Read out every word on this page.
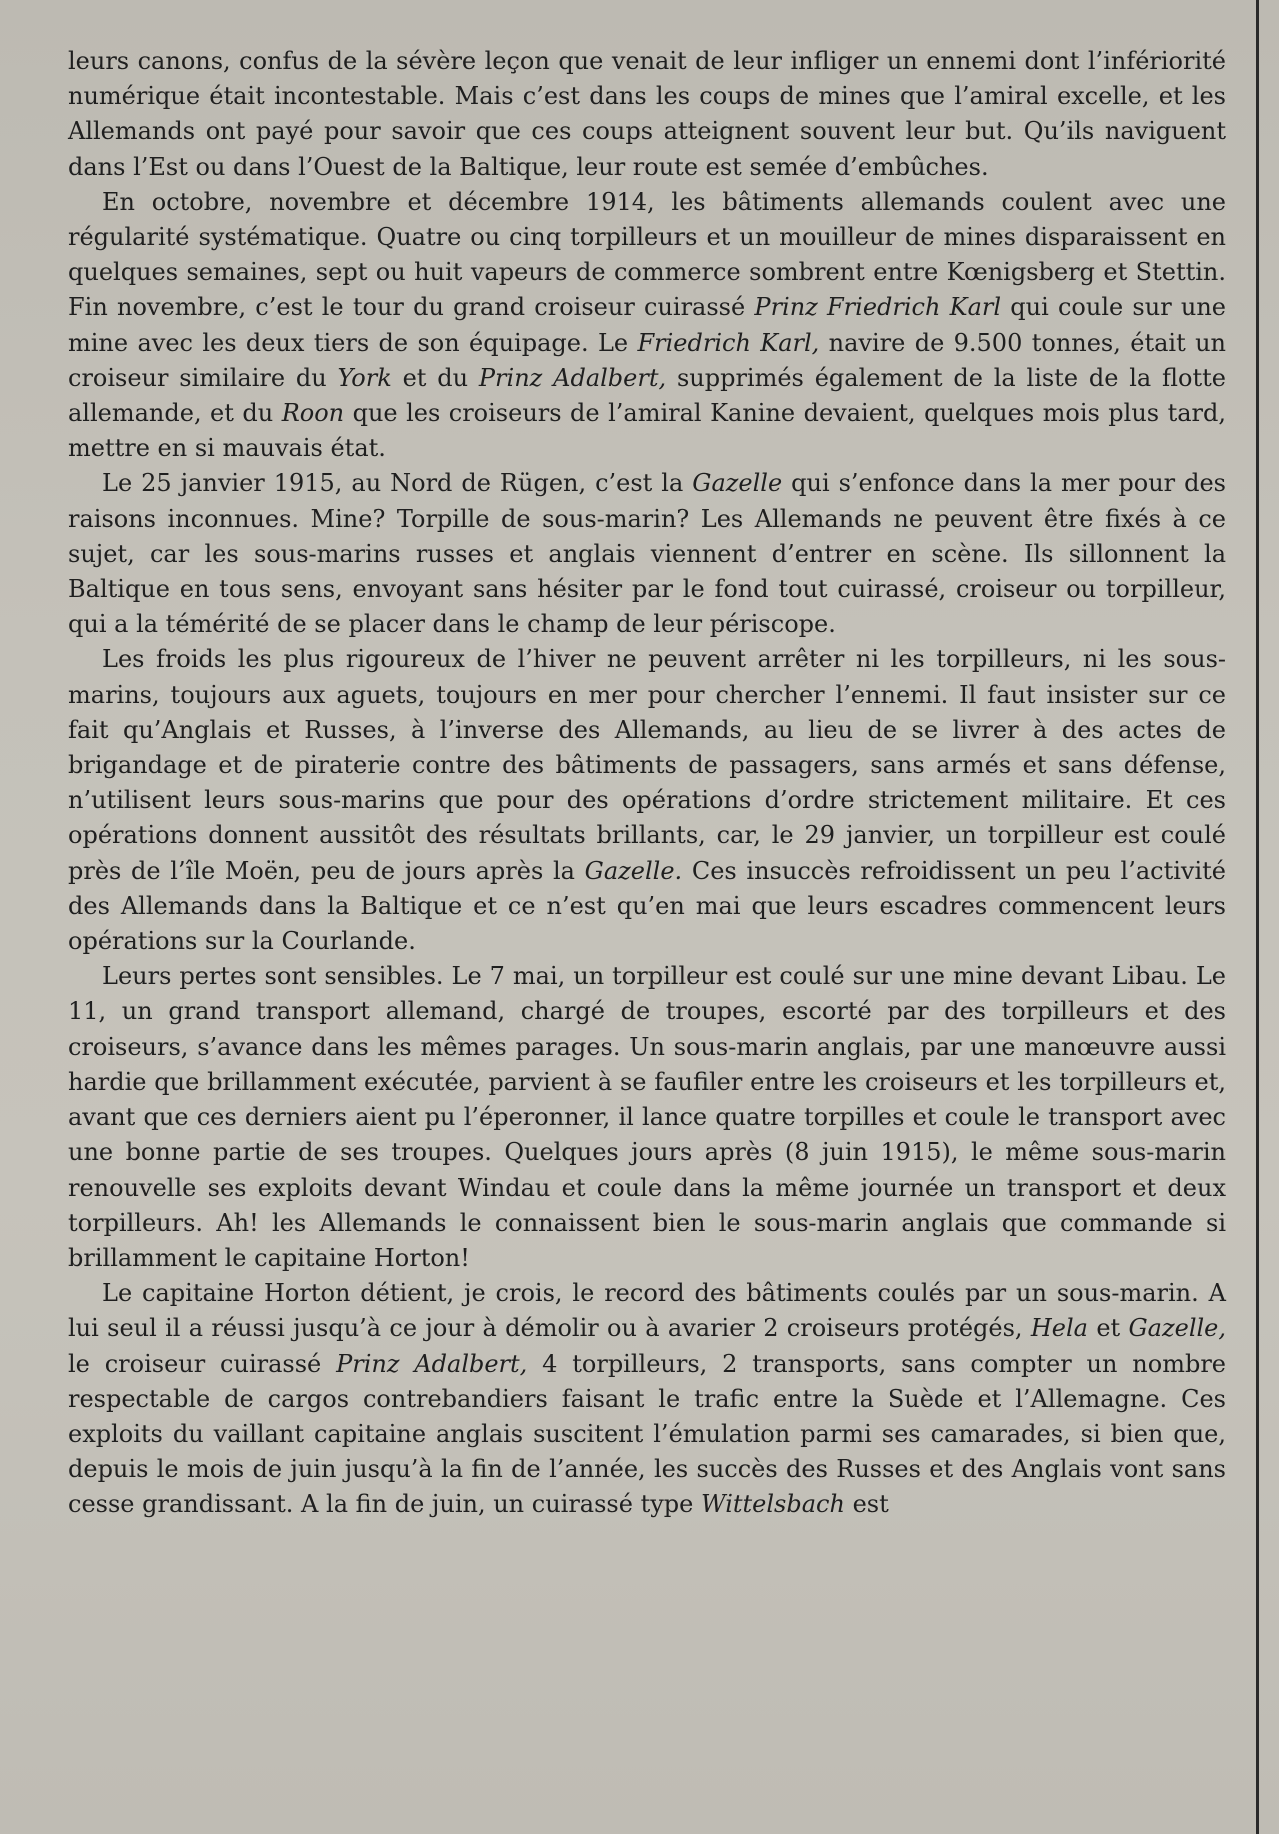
leurs canons, confus de la sévère leçon que venait de leur infliger un ennemi dont l’infériorité numérique était incontestable. Mais c’est dans les coups de mines que l’amiral excelle, et les Allemands ont payé pour savoir que ces coups atteignent souvent leur but. Qu’ils naviguent dans l’Est ou dans l’Ouest de la Baltique, leur route est semée d’embûches.

En octobre, novembre et décembre 1914, les bâtiments allemands coulent avec une régularité systématique. Quatre ou cinq torpilleurs et un mouilleur de mines disparaissent en quelques semaines, sept ou huit vapeurs de commerce sombrent entre Kœnigsberg et Stettin. Fin novembre, c’est le tour du grand croiseur cuirassé Prinz Friedrich Karl qui coule sur une mine avec les deux tiers de son équipage. Le Friedrich Karl, navire de 9.500 tonnes, était un croiseur similaire du York et du Prinz Adalbert, supprimés également de la liste de la flotte allemande, et du Roon que les croiseurs de l’amiral Kanine devaient, quelques mois plus tard, mettre en si mauvais état.

Le 25 janvier 1915, au Nord de Rügen, c’est la Gazelle qui s’enfonce dans la mer pour des raisons inconnues. Mine? Torpille de sous-marin? Les Allemands ne peuvent être fixés à ce sujet, car les sous-marins russes et anglais viennent d’entrer en scène. Ils sillonnent la Baltique en tous sens, envoyant sans hésiter par le fond tout cuirassé, croiseur ou torpilleur, qui a la témérité de se placer dans le champ de leur périscope.

Les froids les plus rigoureux de l’hiver ne peuvent arrêter ni les torpilleurs, ni les sous-marins, toujours aux aguets, toujours en mer pour chercher l’ennemi. Il faut insister sur ce fait qu’Anglais et Russes, à l’inverse des Allemands, au lieu de se livrer à des actes de brigandage et de piraterie contre des bâtiments de passagers, sans armés et sans défense, n’utilisent leurs sous-marins que pour des opérations d’ordre strictement militaire. Et ces opérations donnent aussitôt des résultats brillants, car, le 29 janvier, un torpilleur est coulé près de l’île Moën, peu de jours après la Gazelle. Ces insuccès refroidissent un peu l’activité des Allemands dans la Baltique et ce n’est qu’en mai que leurs escadres commencent leurs opérations sur la Courlande.

Leurs pertes sont sensibles. Le 7 mai, un torpilleur est coulé sur une mine devant Libau. Le 11, un grand transport allemand, chargé de troupes, escorté par des torpilleurs et des croiseurs, s’avance dans les mêmes parages. Un sous-marin anglais, par une manœuvre aussi hardie que brillamment exécutée, parvient à se faufiler entre les croiseurs et les torpilleurs et, avant que ces derniers aient pu l’éperonner, il lance quatre torpilles et coule le transport avec une bonne partie de ses troupes. Quelques jours après (8 juin 1915), le même sous-marin renouvelle ses exploits devant Windau et coule dans la même journée un transport et deux torpilleurs. Ah! les Allemands le connaissent bien le sous-marin anglais que commande si brillamment le capitaine Horton!

Le capitaine Horton détient, je crois, le record des bâtiments coulés par un sous-marin. A lui seul il a réussi jusqu’à ce jour à démolir ou à avarier 2 croiseurs protégés, Hela et Gazelle, le croiseur cuirassé Prinz Adalbert, 4 torpilleurs, 2 transports, sans compter un nombre respectable de cargos contrebandiers faisant le trafic entre la Suède et l’Allemagne. Ces exploits du vaillant capitaine anglais suscitent l’émulation parmi ses camarades, si bien que, depuis le mois de juin jusqu’à la fin de l’année, les succès des Russes et des Anglais vont sans cesse grandissant. A la fin de juin, un cuirassé type Wittelsbach est
